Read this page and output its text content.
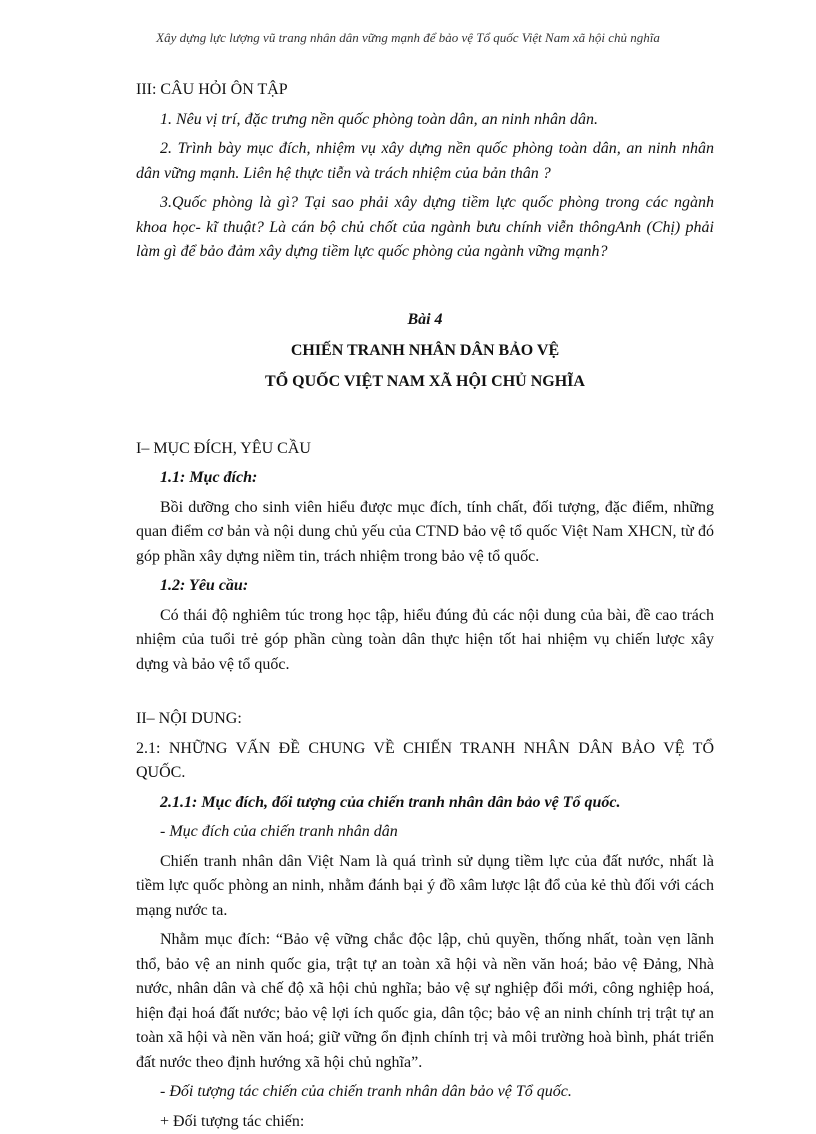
Xây dựng lực lượng vũ trang nhân dân vững mạnh để bảo vệ Tổ quốc Việt Nam xã hội chủ nghĩa

III: CÂU HỎI ÔN TẬP

1. Nêu vị trí, đặc trưng nền quốc phòng toàn dân, an ninh nhân dân.

2. Trình bày mục đích, nhiệm vụ xây dựng nền quốc phòng toàn dân, an ninh nhân dân vững mạnh. Liên hệ thực tiễn và trách nhiệm của bản thân ?

3.Quốc phòng là gì? Tại sao phải xây dựng tiềm lực quốc phòng trong các ngành khoa học- kĩ thuật? Là cán bộ chủ chốt của ngành bưu chính viễn thôngAnh (Chị) phải làm gì để bảo đảm xây dựng tiềm lực quốc phòng của ngành vững mạnh?

Bài 4

CHIẾN TRANH NHÂN DÂN BẢO VỆ

TỔ QUỐC VIỆT NAM XÃ HỘI CHỦ NGHĨA

I– MỤC ĐÍCH, YÊU CẦU

1.1: Mục đích:

Bồi dưỡng cho sinh viên hiểu được mục đích, tính chất, đối tượng, đặc điểm, những quan điểm cơ bản và nội dung chủ yếu của CTND bảo vệ tổ quốc Việt Nam XHCN, từ đó góp phần xây dựng niềm tin, trách nhiệm trong bảo vệ tổ quốc.

1.2: Yêu cầu:

Có thái độ nghiêm túc trong học tập, hiểu đúng đủ các nội dung của bài, đề cao trách nhiệm của tuổi trẻ góp phần cùng toàn dân thực hiện tốt hai nhiệm vụ chiến lược xây dựng và bảo vệ tổ quốc.

II– NỘI DUNG:

2.1: NHỮNG VẤN ĐỀ CHUNG VỀ CHIẾN TRANH NHÂN DÂN BẢO VỆ TỔ QUỐC.

2.1.1: Mục đích, đối tượng của chiến tranh nhân dân bảo vệ Tổ quốc.

- Mục đích của chiến tranh nhân dân

Chiến tranh nhân dân Việt Nam là quá trình sử dụng tiềm lực của đất nước, nhất là tiềm lực quốc phòng an ninh, nhằm đánh bại ý đồ xâm lược lật đổ của kẻ thù đối với cách mạng nước ta.

Nhằm mục đích: “Bảo vệ vững chắc độc lập, chủ quyền, thống nhất, toàn vẹn lãnh thổ, bảo vệ an ninh quốc gia, trật tự an toàn xã hội và nền văn hoá; bảo vệ Đảng, Nhà nước, nhân dân và chế độ xã hội chủ nghĩa; bảo vệ sự nghiệp đổi mới, công nghiệp hoá, hiện đại hoá đất nước; bảo vệ lợi ích quốc gia, dân tộc; bảo vệ an ninh chính trị trật tự an toàn xã hội và nền văn hoá; giữ vững ổn định chính trị và môi trường hoà bình, phát triển đất nước theo định hướng xã hội chủ nghĩa”.

- Đối tượng tác chiến của chiến tranh nhân dân bảo vệ Tổ quốc.

+ Đối tượng tác chiến:
